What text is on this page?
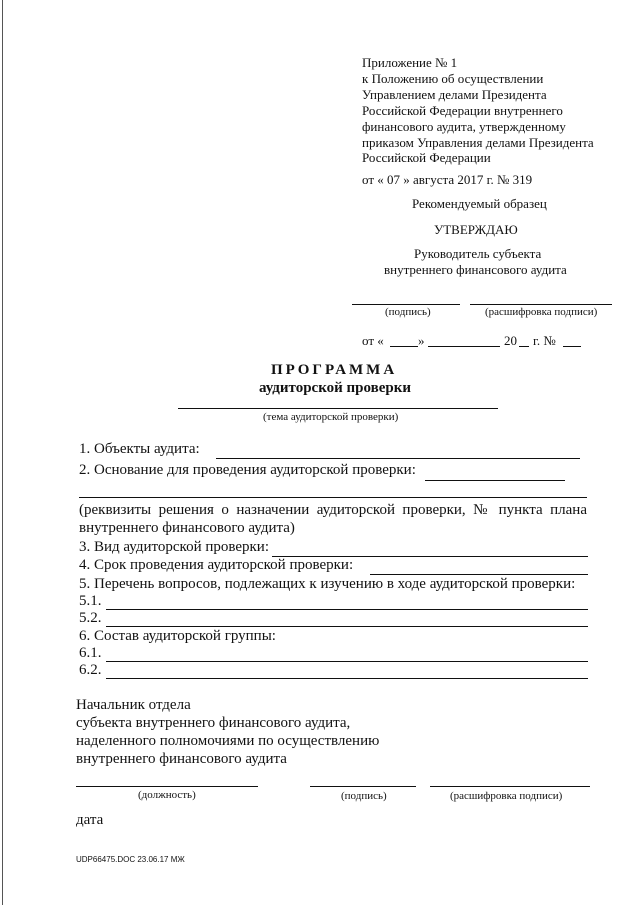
Приложение № 1
к Положению об осуществлении
Управлением делами Президента
Российской Федерации внутреннего
финансового аудита, утвержденному
приказом Управления делами Президента
Российской Федерации
от « 07 » августа 2017 г. № 319
Рекомендуемый образец
УТВЕРЖДАЮ
Руководитель субъекта
внутреннего финансового аудита
(подпись)	(расшифровка подписи)
от «	»	20 г. №
ПРОГРАММА
аудиторской проверки
(тема аудиторской проверки)
1. Объекты аудита:
2. Основание для проведения аудиторской проверки:
(реквизиты решения о назначении аудиторской проверки, № пункта плана
внутреннего финансового аудита)
3. Вид аудиторской проверки:
4. Срок проведения аудиторской проверки:
5. Перечень вопросов, подлежащих к изучению в ходе аудиторской проверки:
5.1.
5.2.
6. Состав аудиторской группы:
6.1.
6.2.
Начальник отдела
субъекта внутреннего финансового аудита,
наделенного полномочиями по осуществлению
внутреннего финансового аудита
(должность)	(подпись)	(расшифровка подписи)
дата
UDP66475.DOC 23.06.17 МЖ
